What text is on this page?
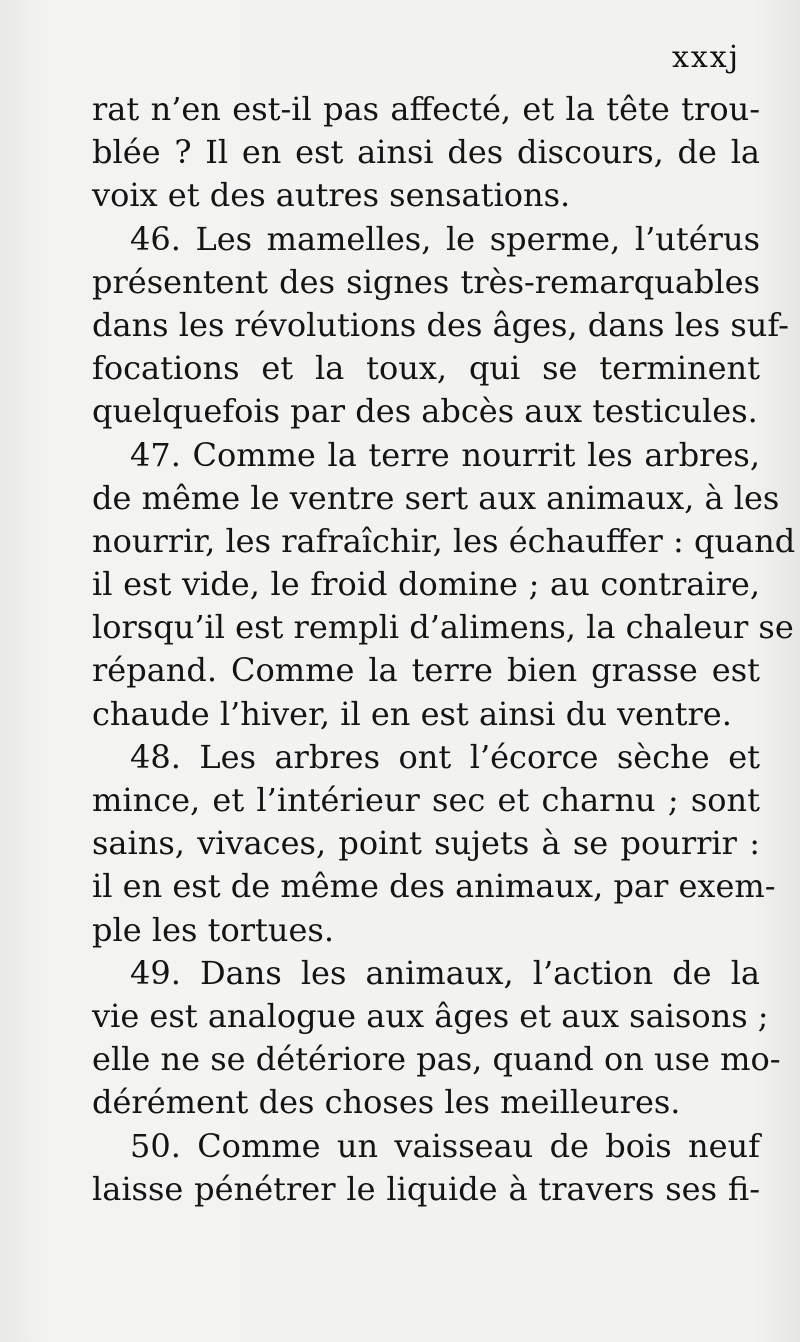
xxxj
rat n’en est-il pas affecté, et la tête trou-
blée ? Il en est ainsi des discours, de la
voix et des autres sensations.
46. Les mamelles, le sperme, l’utérus
présentent des signes très-remarquables
dans les révolutions des âges, dans les suf-
focations et la toux, qui se terminent
quelquefois par des abcès aux testicules.
47. Comme la terre nourrit les arbres,
de même le ventre sert aux animaux, à les
nourrir, les rafraîchir, les échauffer : quand
il est vide, le froid domine ; au contraire,
lorsqu’il est rempli d’alimens, la chaleur se
répand. Comme la terre bien grasse est
chaude l’hiver, il en est ainsi du ventre.
48. Les arbres ont l’écorce sèche et
mince, et l’intérieur sec et charnu ; sont
sains, vivaces, point sujets à se pourrir :
il en est de même des animaux, par exem-
ple les tortues.
49. Dans les animaux, l’action de la
vie est analogue aux âges et aux saisons ;
elle ne se détériore pas, quand on use mo-
dérément des choses les meilleures.
50. Comme un vaisseau de bois neuf
laisse pénétrer le liquide à travers ses fi-
